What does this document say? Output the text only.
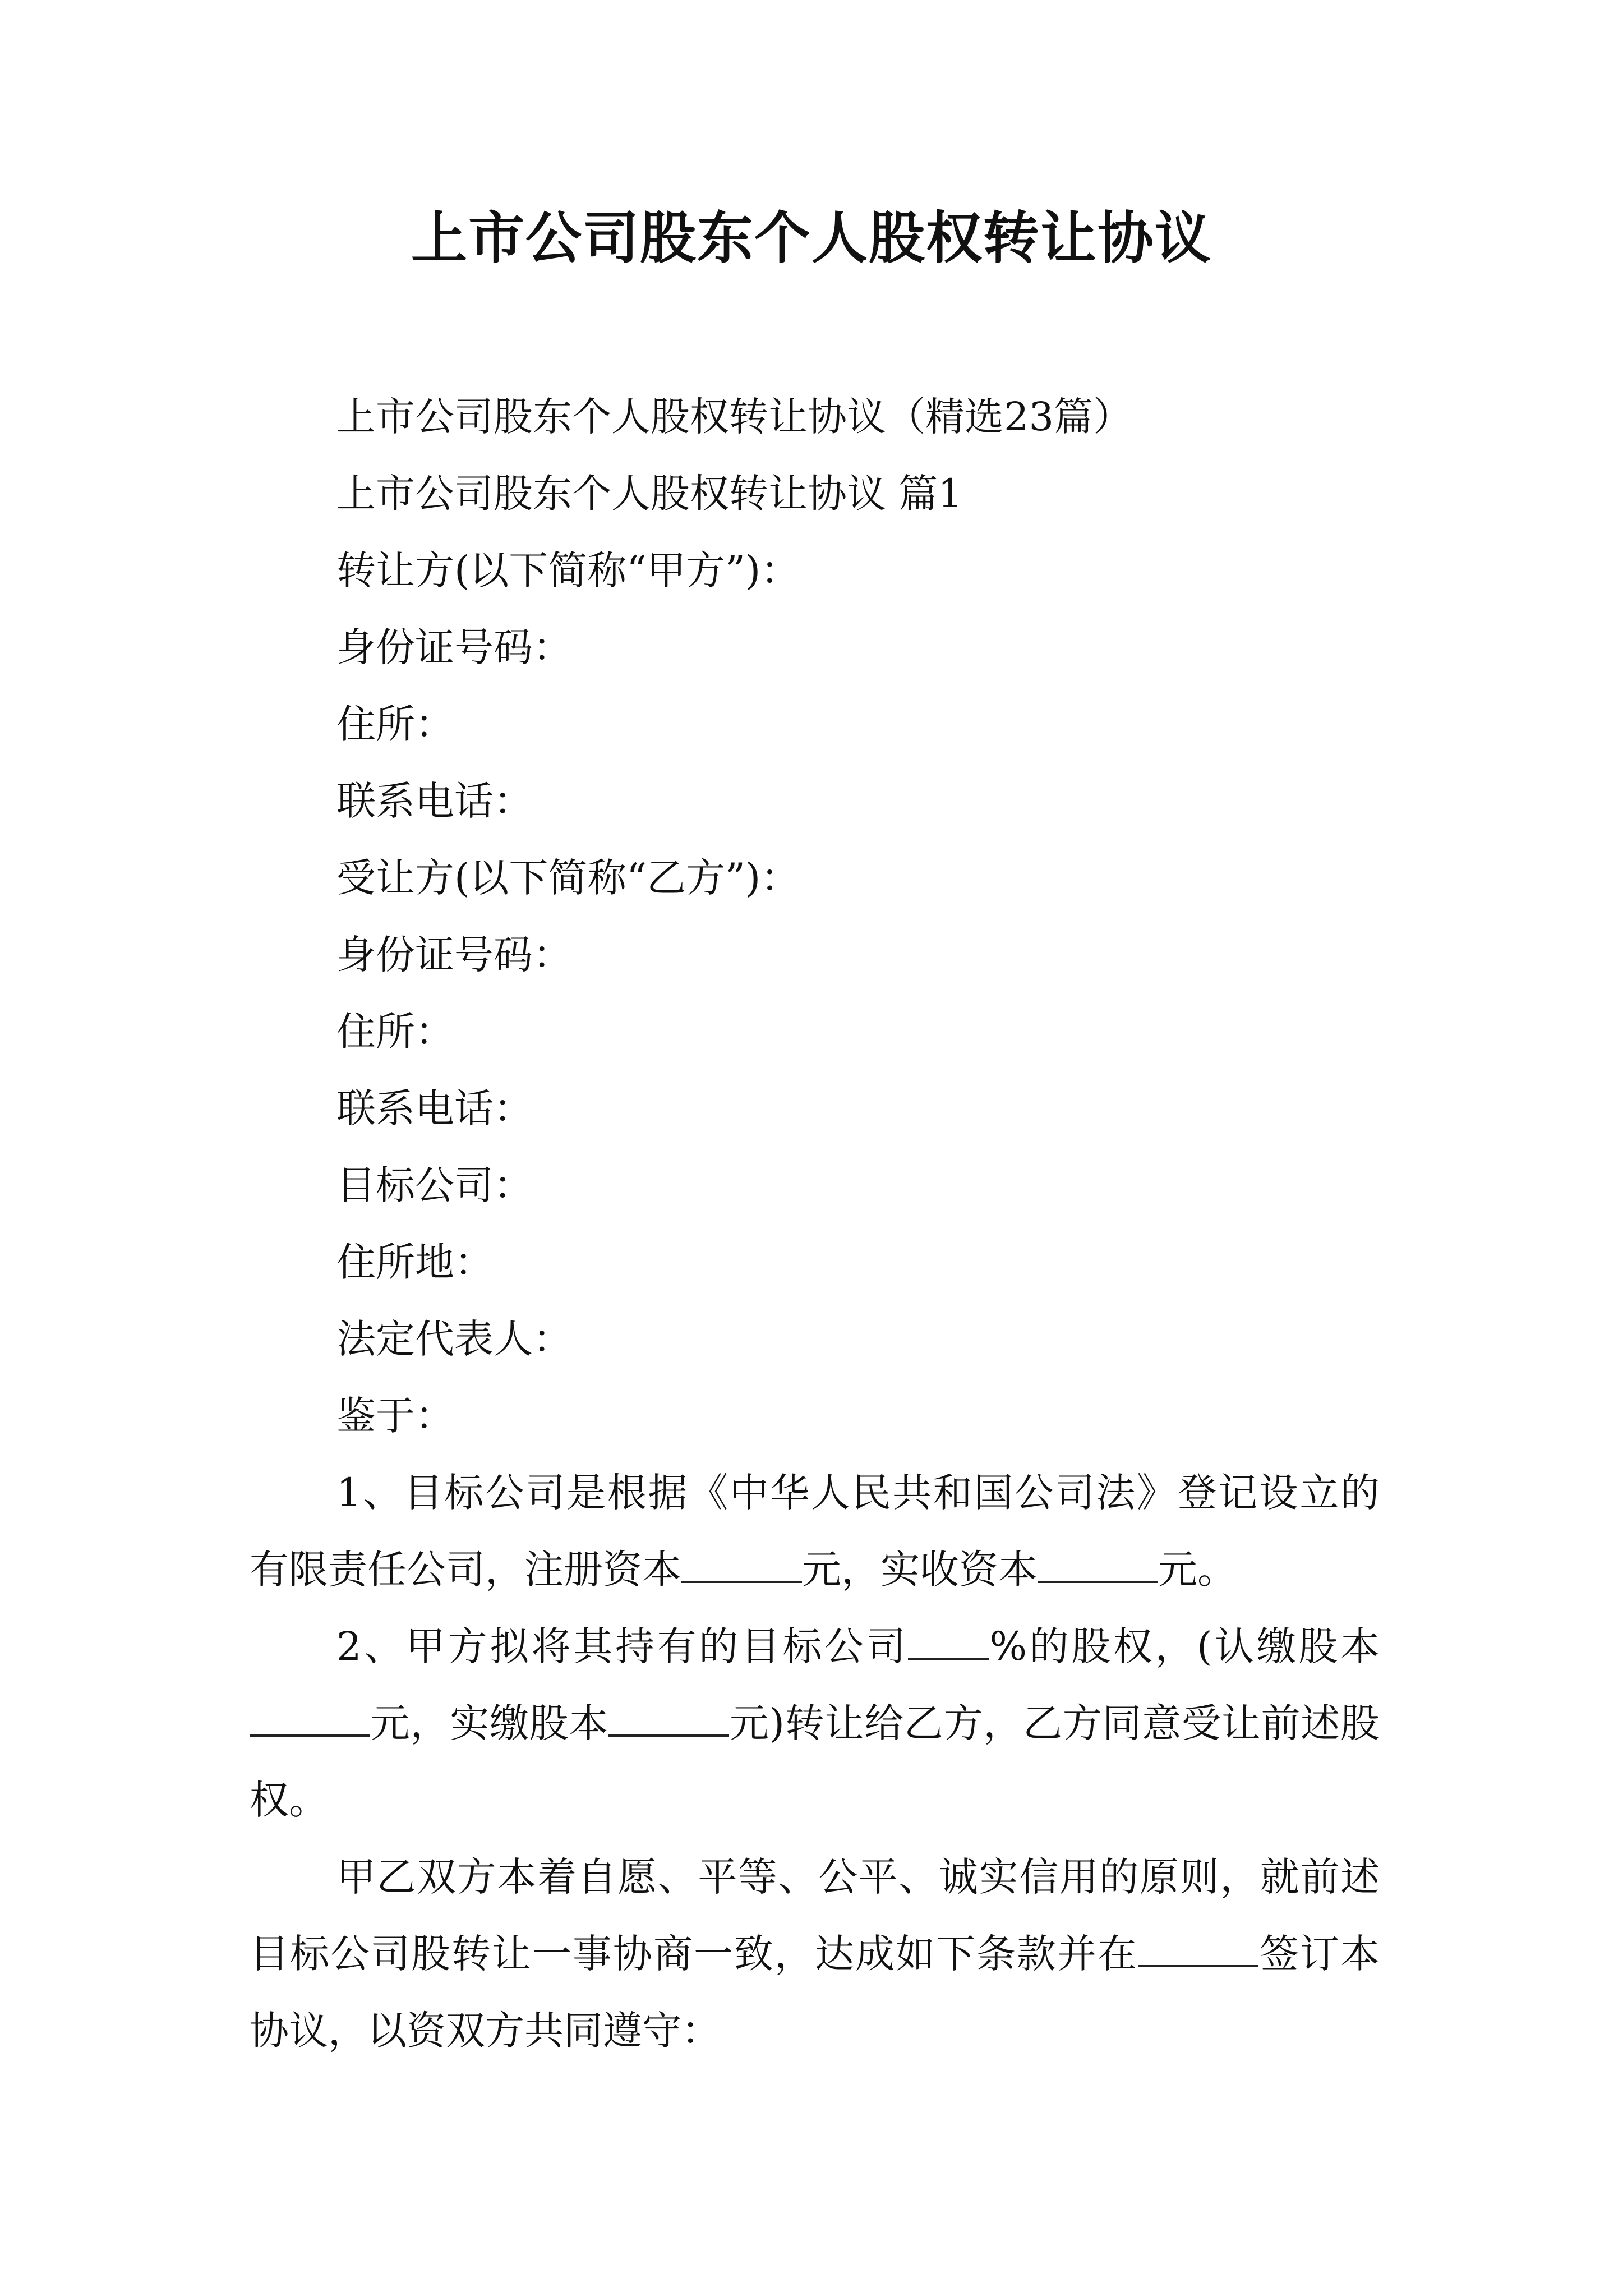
上市公司股东个人股权转让协议
上市公司股东个人股权转让协议（精选23篇）
上市公司股东个人股权转让协议 篇1
转让方(以下简称“甲方”)：
身份证号码：
住所：
联系电话：
受让方(以下简称“乙方”)：
身份证号码：
住所：
联系电话：
目标公司：
住所地：
法定代表人：
鉴于：

1、目标公司是根据《中华人民共和国公司法》登记设立的有限责任公司，注册资本	元，实收资本	元。

2、甲方拟将其持有的目标公司 %的股权，(认缴股本元，实缴股本	元)转让给乙方，乙方同意受让前述股权。

甲乙双方本着自愿、平等、公平、诚实信用的原则，就前述目标公司股转让一事协商一致，达成如下条款并在	签订本协议，以资双方共同遵守：
